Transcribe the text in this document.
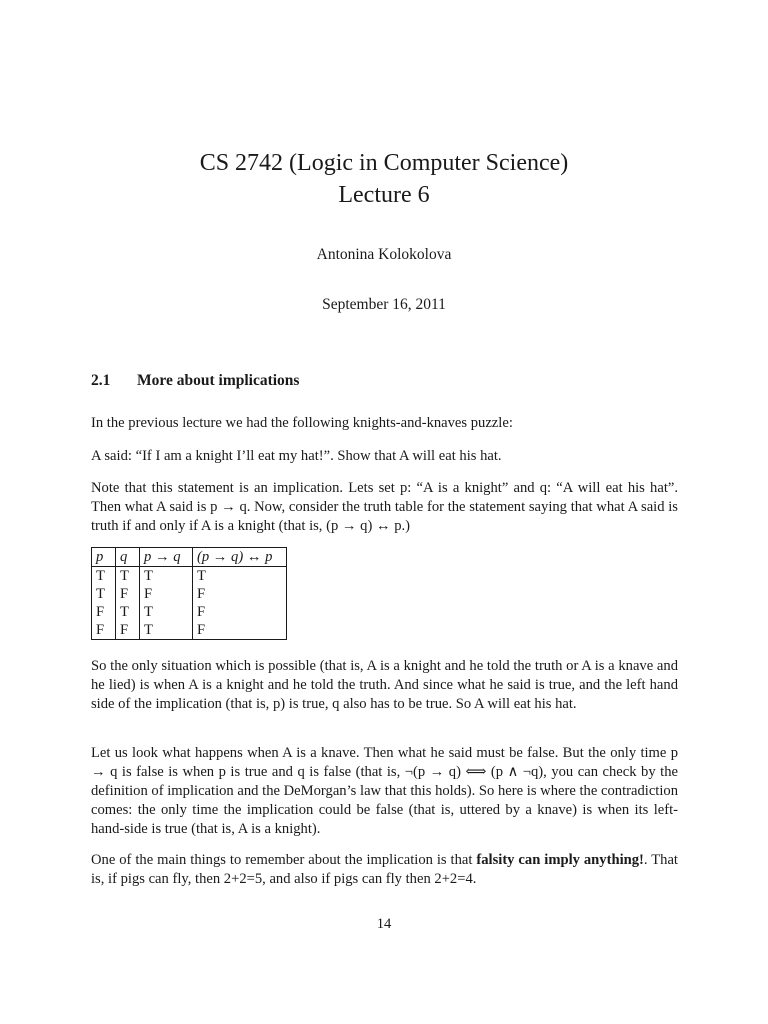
CS 2742 (Logic in Computer Science)
Lecture 6
Antonina Kolokolova
September 16, 2011
2.1 More about implications

In the previous lecture we had the following knights-and-knaves puzzle:

A said: “If I am a knight I’ll eat my hat!”. Show that A will eat his hat.

Note that this statement is an implication. Lets set p: “A is a knight” and q: “A will eat his hat”. Then what A said is p → q. Now, consider the truth table for the statement saying that what A said is truth if and only if A is a knight (that is, (p → q) ↔ p.)

p	q	p → q	(p → q) ↔ p
T	T	T	T
T	F	F	F
F	T	T	F
F	F	T	F

So the only situation which is possible (that is, A is a knight and he told the truth or A is a knave and he lied) is when A is a knight and he told the truth. And since what he said is true, and the left hand side of the implication (that is, p) is true, q also has to be true. So A will eat his hat.

Let us look what happens when A is a knave. Then what he said must be false. But the only time p → q is false is when p is true and q is false (that is, ¬(p → q) ⟺ (p ∧ ¬q), you can check by the definition of implication and the DeMorgan’s law that this holds). So here is where the contradiction comes: the only time the implication could be false (that is, uttered by a knave) is when its left-hand-side is true (that is, A is a knight).

One of the main things to remember about the implication is that falsity can imply anything!. That is, if pigs can fly, then 2+2=5, and also if pigs can fly then 2+2=4.

14
